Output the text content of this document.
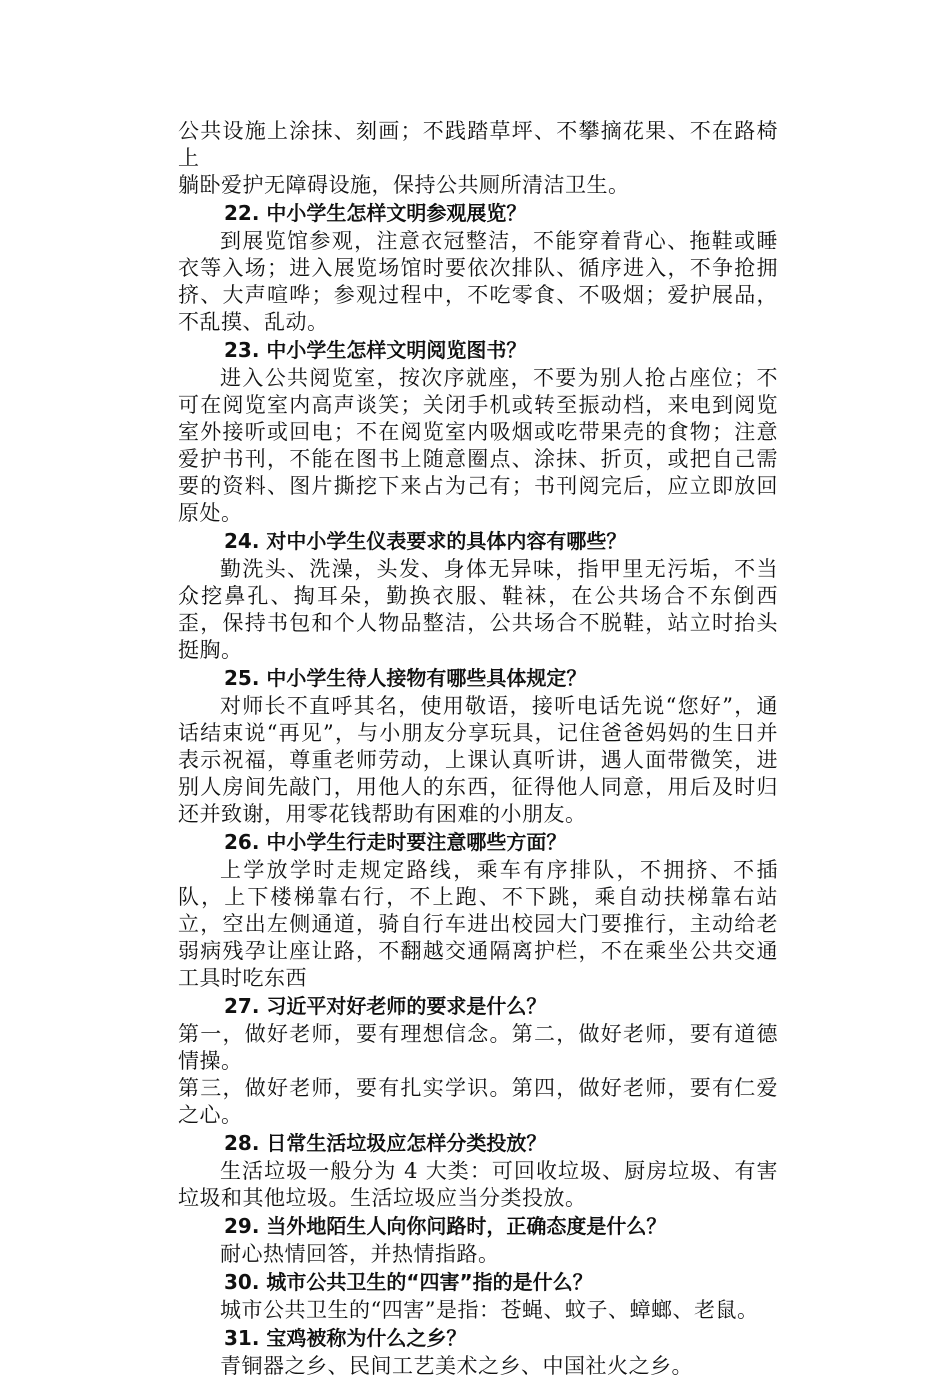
公共设施上涂抹、刻画；不践踏草坪、不攀摘花果、不在路椅上
躺卧爱护无障碍设施，保持公共厕所清洁卫生。

22. 中小学生怎样文明参观展览？

到展览馆参观，注意衣冠整洁，不能穿着背心、拖鞋或睡衣等入场；进入展览场馆时要依次排队、循序进入，不争抢拥挤、大声喧哗；参观过程中，不吃零食、不吸烟；爱护展品，不乱摸、乱动。

23. 中小学生怎样文明阅览图书？

进入公共阅览室，按次序就座，不要为别人抢占座位；不可在阅览室内高声谈笑；关闭手机或转至振动档，来电到阅览室外接听或回电；不在阅览室内吸烟或吃带果壳的食物；注意爱护书刊，不能在图书上随意圈点、涂抹、折页，或把自己需要的资料、图片撕挖下来占为己有；书刊阅完后，应立即放回原处。

24. 对中小学生仪表要求的具体内容有哪些？

勤洗头、洗澡，头发、身体无异味，指甲里无污垢，不当众挖鼻孔、掏耳朵，勤换衣服、鞋袜，在公共场合不东倒西歪，保持书包和个人物品整洁，公共场合不脱鞋，站立时抬头挺胸。

25. 中小学生待人接物有哪些具体规定？

对师长不直呼其名，使用敬语，接听电话先说“您好”，通话结束说“再见”，与小朋友分享玩具，记住爸爸妈妈的生日并表示祝福，尊重老师劳动，上课认真听讲，遇人面带微笑，进别人房间先敲门，用他人的东西，征得他人同意，用后及时归还并致谢，用零花钱帮助有困难的小朋友。

26. 中小学生行走时要注意哪些方面？

上学放学时走规定路线，乘车有序排队，不拥挤、不插队，上下楼梯靠右行，不上跑、不下跳，乘自动扶梯靠右站立，空出左侧通道，骑自行车进出校园大门要推行，主动给老弱病残孕让座让路，不翻越交通隔离护栏，不在乘坐公共交通工具时吃东西

27. 习近平对好老师的要求是什么？

第一，做好老师，要有理想信念。第二，做好老师，要有道德情操。

第三，做好老师，要有扎实学识。第四，做好老师，要有仁爱之心。

28. 日常生活垃圾应怎样分类投放？

生活垃圾一般分为 4 大类：可回收垃圾、厨房垃圾、有害垃圾和其他垃圾。生活垃圾应当分类投放。

29. 当外地陌生人向你问路时，正确态度是什么？

耐心热情回答，并热情指路。

30. 城市公共卫生的“四害”指的是什么？

城市公共卫生的“四害”是指：苍蝇、蚊子、蟑螂、老鼠。

31. 宝鸡被称为什么之乡？

青铜器之乡、民间工艺美术之乡、中国社火之乡。
